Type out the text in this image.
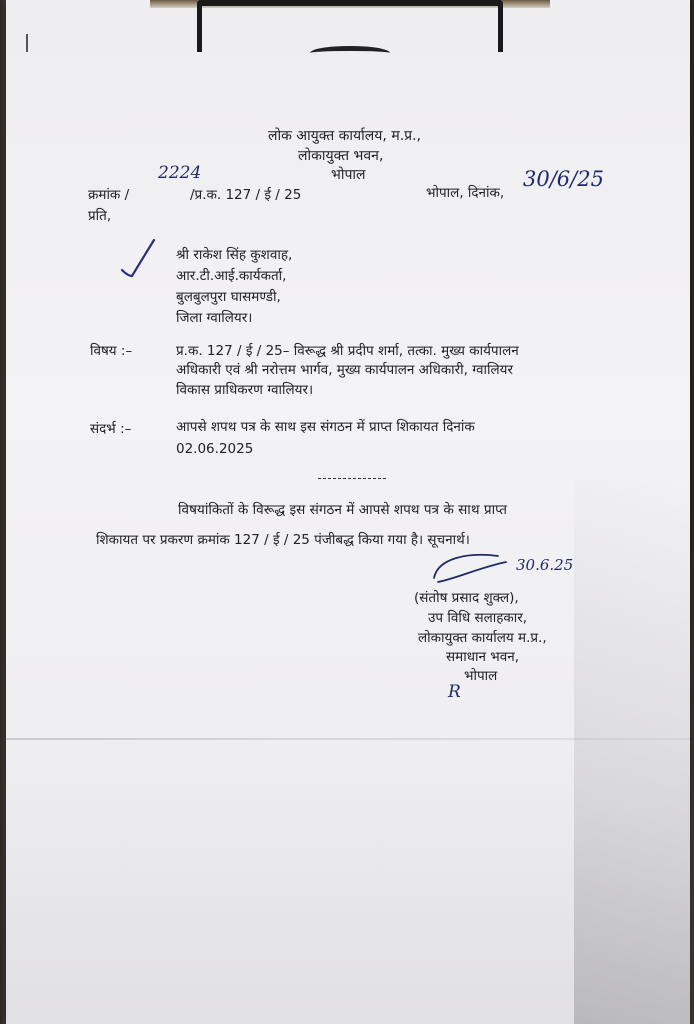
लोक आयुक्त कार्यालय, म.प्र.,
लोकायुक्त भवन,
भोपाल
क्रमांक /
2224
/प्र.क. 127 / ई / 25	भोपाल, दिनांक,
30/6/25
प्रति,
श्री राकेश सिंह कुशवाह,
आर.टी.आई.कार्यकर्ता,
बुलबुलपुरा घासमण्डी,
जिला ग्वालियर।
विषय :–	प्र.क. 127 / ई / 25– विरूद्ध श्री प्रदीप शर्मा, तत्का. मुख्य कार्यपालन
अधिकारी एवं श्री नरोत्तम भार्गव, मुख्य कार्यपालन अधिकारी, ग्वालियर
विकास प्राधिकरण ग्वालियर।
संदर्भ :–	आपसे शपथ पत्र के साथ इस संगठन में प्राप्त शिकायत दिनांक
02.06.2025
विषयांकितों के विरूद्ध इस संगठन में आपसे शपथ पत्र के साथ प्राप्त
शिकायत पर प्रकरण क्रमांक 127 / ई / 25 पंजीबद्ध किया गया है। सूचनार्थ।
30.6.25
(संतोष प्रसाद शुक्ल),
उप विधि सलाहकार,
लोकायुक्त कार्यालय म.प्र.,
समाधान भवन,
भोपाल
R
